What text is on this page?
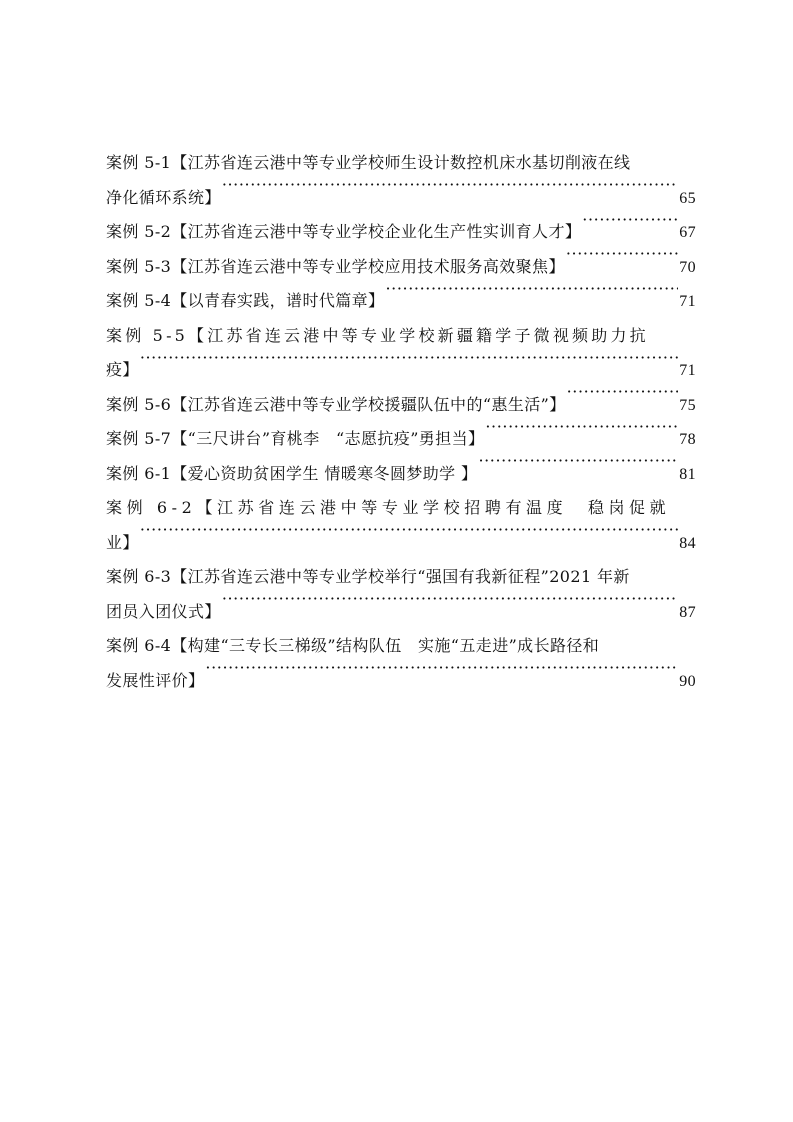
案例 5-1【江苏省连云港中等专业学校师生设计数控机床水基切削液在线
净化循环系统】 ·····	65
案例 5-2【江苏省连云港中等专业学校企业化生产性实训育人才】 ·····	67
案例 5-3【江苏省连云港中等专业学校应用技术服务高效聚焦】 ·····	70
案例 5-4【以青春实践，谱时代篇章】 ·····	71
案例 5-5【江苏省连云港中等专业学校新疆籍学子微视频助力抗
疫】 ·····	71
案例 5-6【江苏省连云港中等专业学校援疆队伍中的“惠生活”】 ·····	75
案例 5-7【“三尺讲台”育桃李　“志愿抗疫”勇担当】 ·····	78
案例 6-1【爱心资助贫困学生 情暖寒冬圆梦助学 】 ·····	81
案例 6-2【江苏省连云港中等专业学校招聘有温度　稳岗促就
业】 ·····	84
案例 6-3【江苏省连云港中等专业学校举行“强国有我新征程”2021 年新
团员入团仪式】 ·····	87
案例 6-4【构建“三专长三梯级”结构队伍　实施“五走进”成长路径和
发展性评价】 ·····	90
